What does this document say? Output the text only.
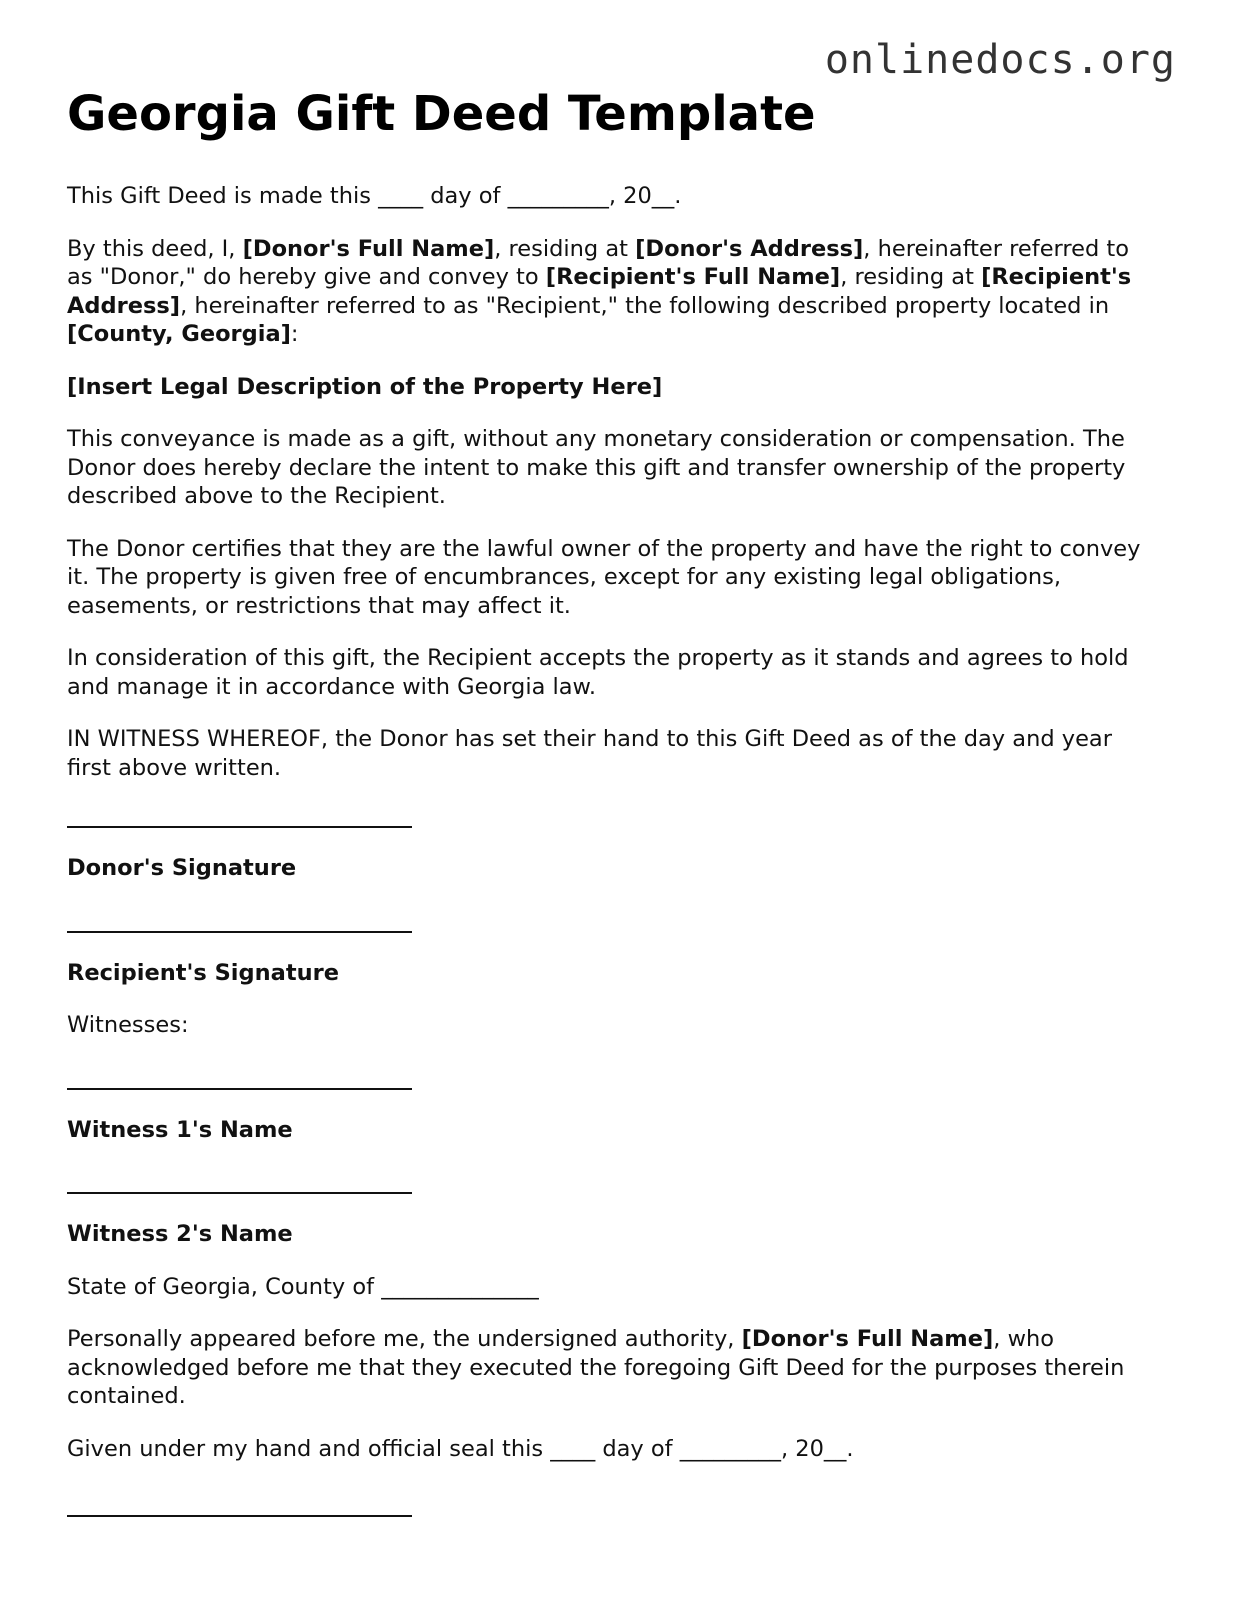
onlinedocs.org
Georgia Gift Deed Template

This Gift Deed is made this ____ day of _________, 20__.

By this deed, I, [Donor's Full Name], residing at [Donor's Address], hereinafter referred to as "Donor," do hereby give and convey to [Recipient's Full Name], residing at [Recipient's Address], hereinafter referred to as "Recipient," the following described property located in [County, Georgia]:

[Insert Legal Description of the Property Here]

This conveyance is made as a gift, without any monetary consideration or compensation. The Donor does hereby declare the intent to make this gift and transfer ownership of the property described above to the Recipient.

The Donor certifies that they are the lawful owner of the property and have the right to convey it. The property is given free of encumbrances, except for any existing legal obligations, easements, or restrictions that may affect it.

In consideration of this gift, the Recipient accepts the property as it stands and agrees to hold and manage it in accordance with Georgia law.

IN WITNESS WHEREOF, the Donor has set their hand to this Gift Deed as of the day and year first above written.

Donor's Signature
Recipient's Signature

Witnesses:

Witness 1's Name
Witness 2's Name

State of Georgia, County of ______________

Personally appeared before me, the undersigned authority, [Donor's Full Name], who acknowledged before me that they executed the foregoing Gift Deed for the purposes therein contained.

Given under my hand and official seal this ____ day of _________, 20__.
